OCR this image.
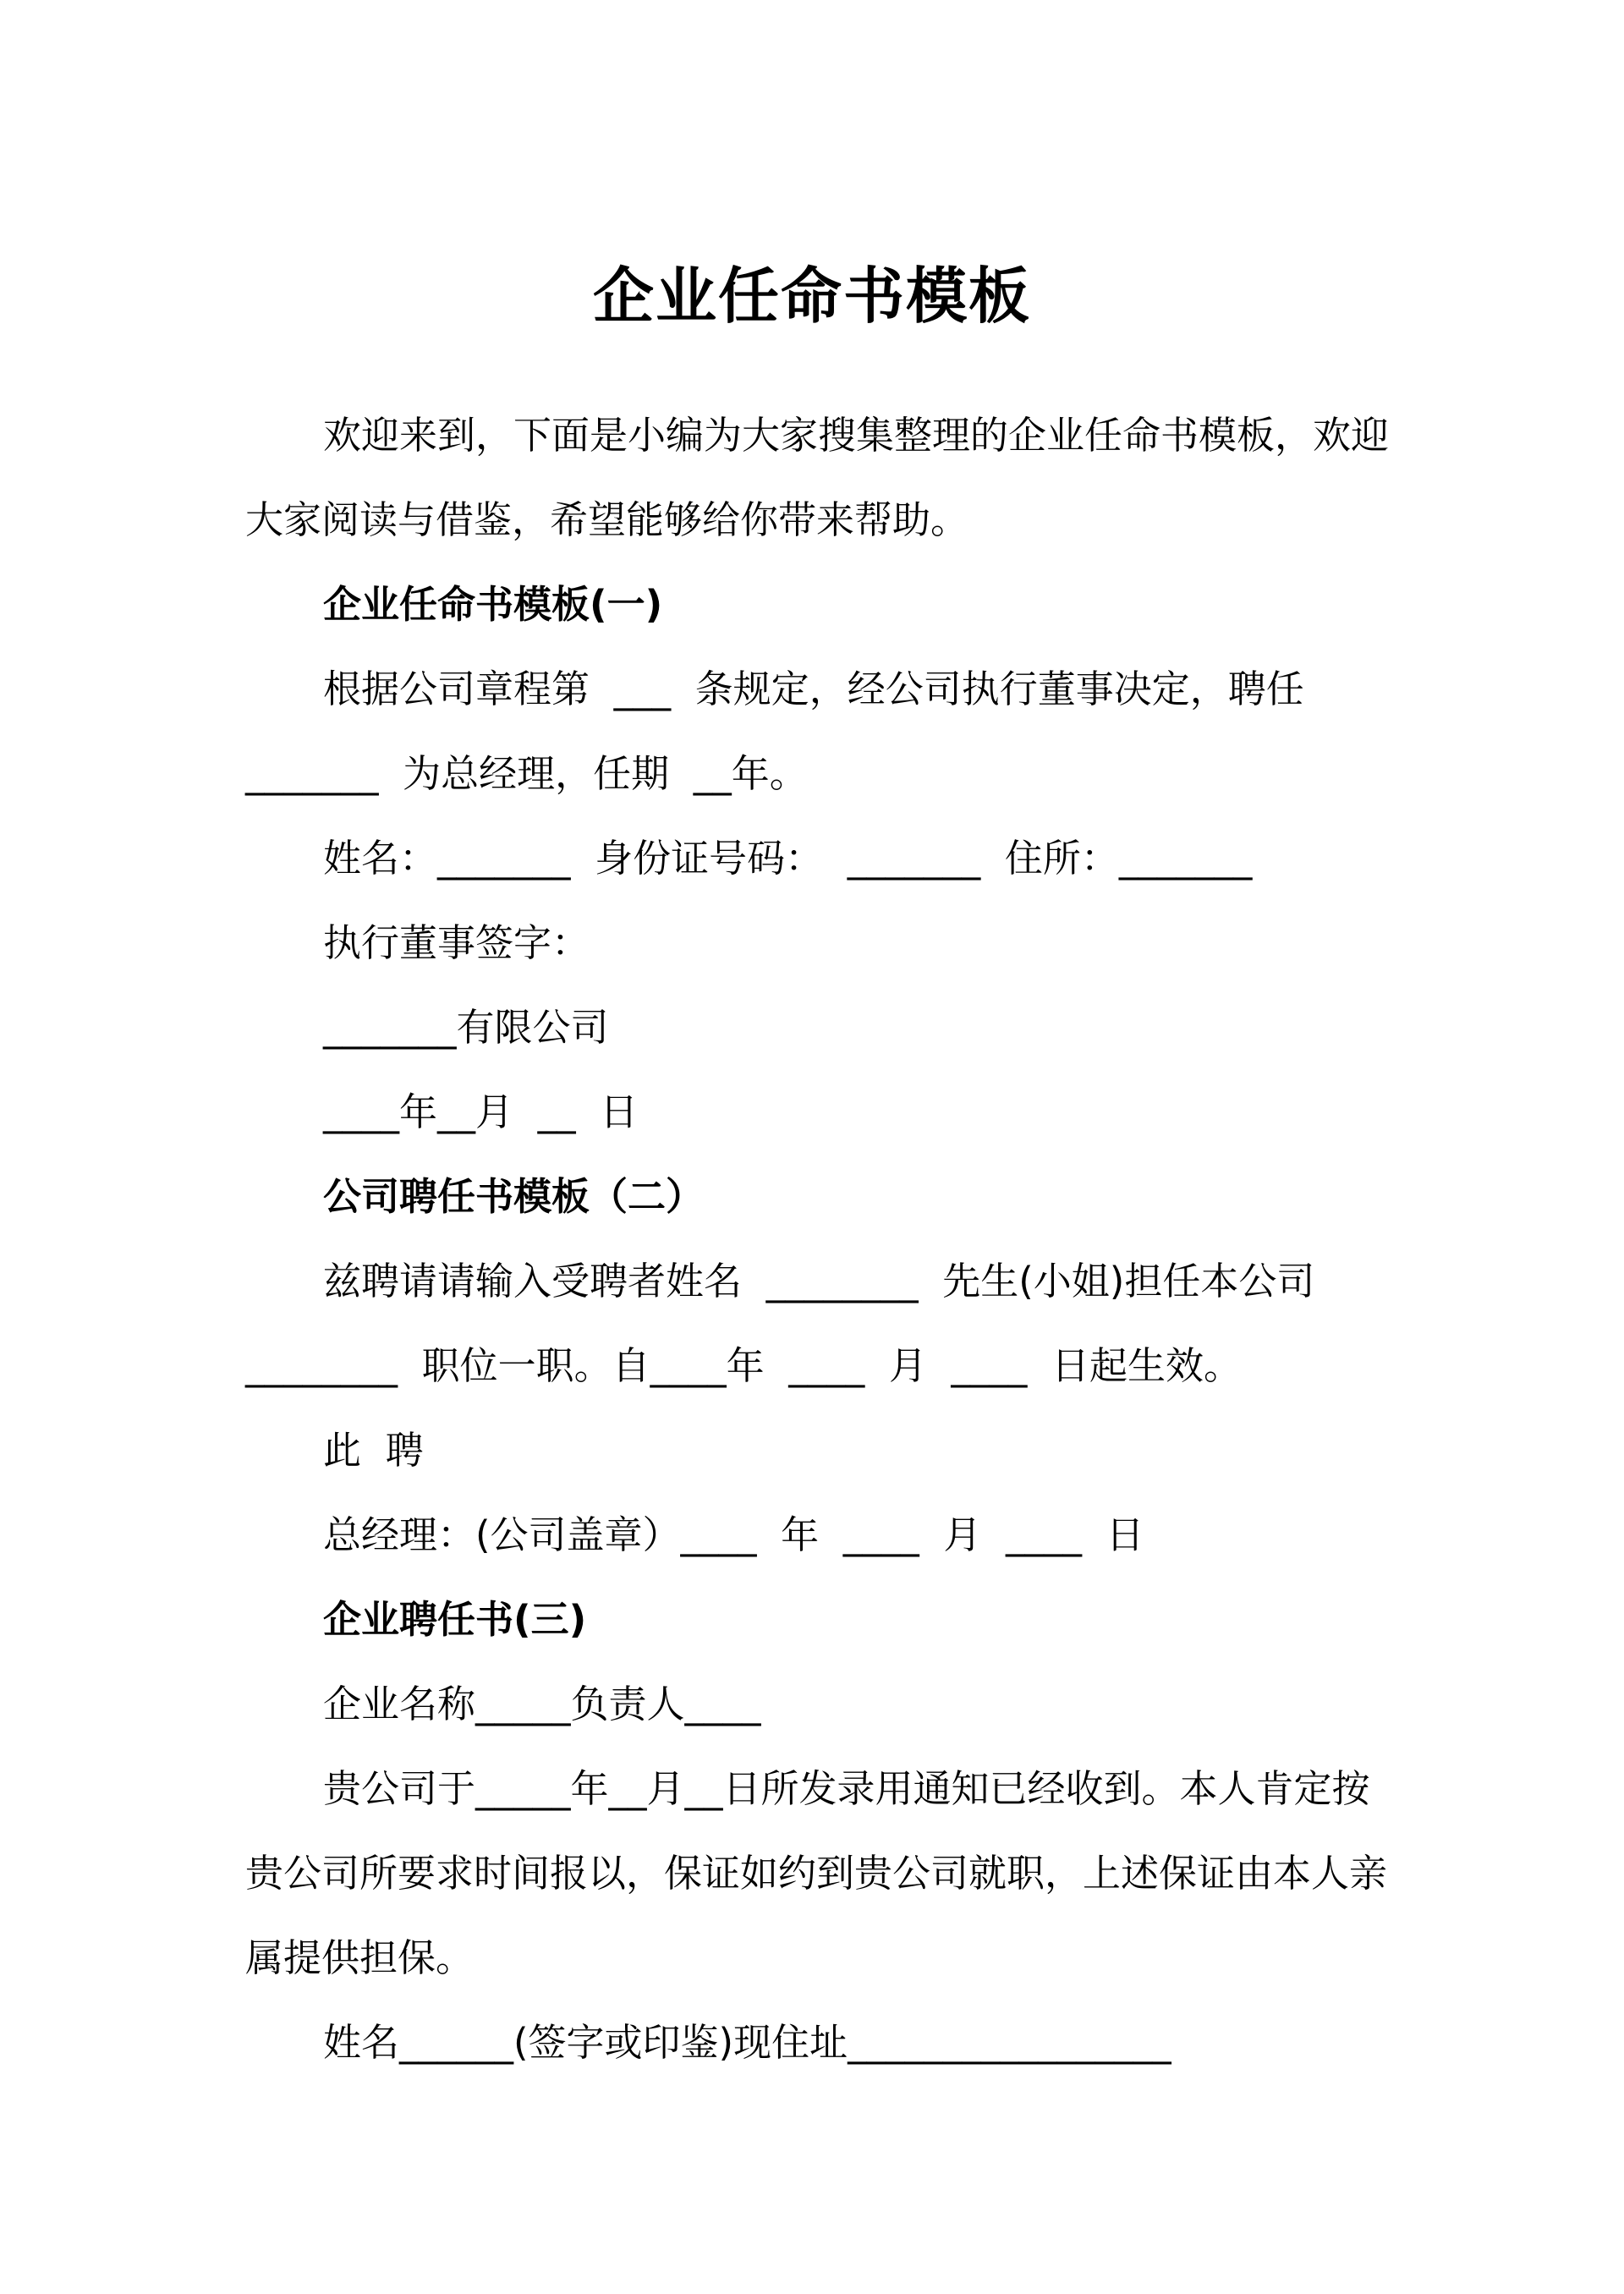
企业任命书模板
欢迎来到，下面是小编为大家搜集整理的企业任命书模板，欢迎
大家阅读与借鉴，希望能够给你带来帮助。
企业任命书模板(一)
根据公司章程第  ___  条规定，经公司执行董事决定，聘任
_______  为总经理，任期  __年。
姓名：_______  身份证号码：  _______  住所：_______
执行董事签字：
_______有限公司
____年__月  __  日
公司聘任书模板（二）
兹聘请请输入受聘者姓名  ________  先生(小姐)担任本公司
________  职位一职。自____年  ____  月  ____  日起生效。
此  聘
总经理：(公司盖章）____  年  ____  月  ____  日
企业聘任书(三)
企业名称_____负责人____
贵公司于_____年__月__日所发录用通知已经收到。本人肯定按
贵公司所要求时间报以，保证如约到贵公司就职，上述保证由本人亲
属提供担保。
姓名______(签字或印鉴)现住址_________________
